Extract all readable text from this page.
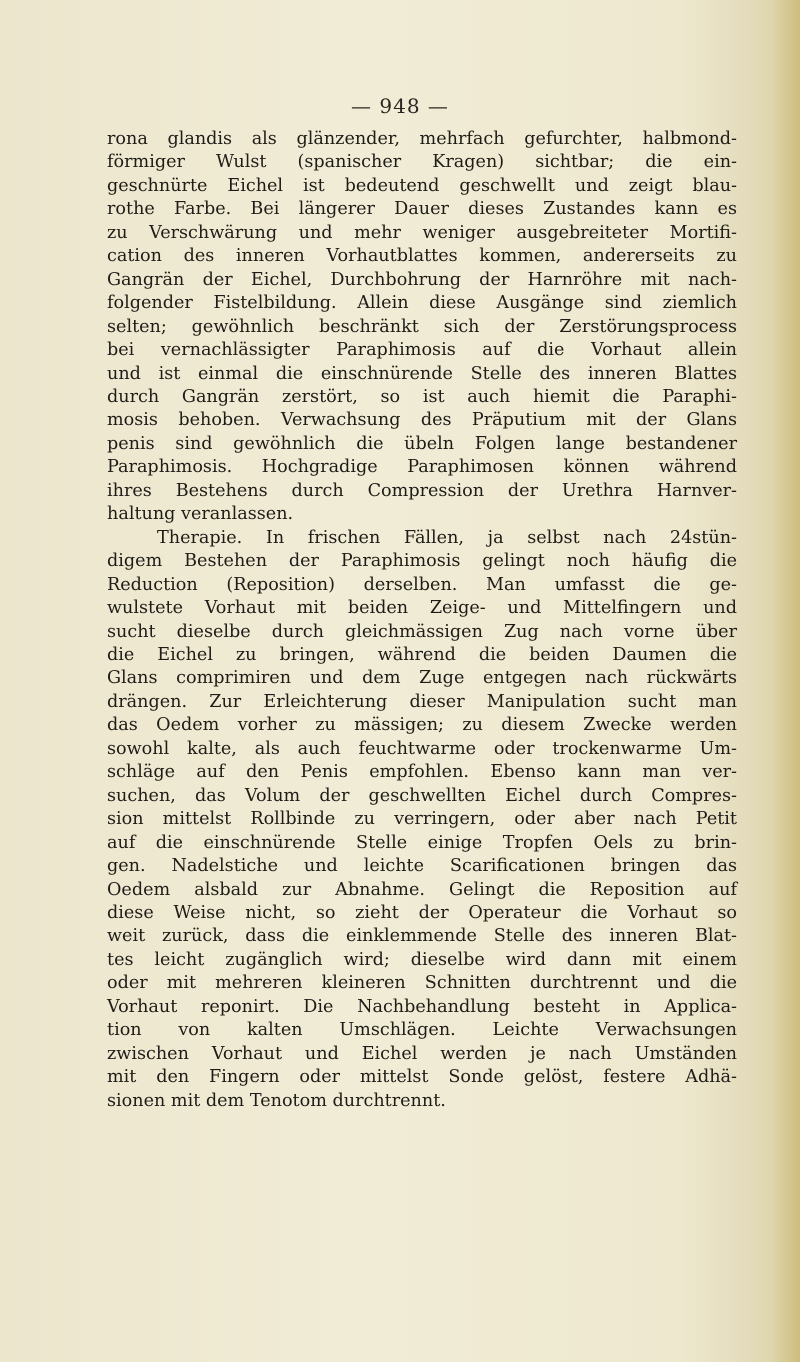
— 948 —
rona glandis als glänzender, mehrfach gefurchter, halbmond-
förmiger Wulst (spanischer Kragen) sichtbar; die ein-
geschnürte Eichel ist bedeutend geschwellt und zeigt blau-
rothe Farbe. Bei längerer Dauer dieses Zustandes kann es
zu Verschwärung und mehr weniger ausgebreiteter Mortifi-
cation des inneren Vorhautblattes kommen, andererseits zu
Gangrän der Eichel, Durchbohrung der Harnröhre mit nach-
folgender Fistelbildung. Allein diese Ausgänge sind ziemlich
selten; gewöhnlich beschränkt sich der Zerstörungsprocess
bei vernachlässigter Paraphimosis auf die Vorhaut allein
und ist einmal die einschnürende Stelle des inneren Blattes
durch Gangrän zerstört, so ist auch hiemit die Paraphi-
mosis behoben. Verwachsung des Präputium mit der Glans
penis sind gewöhnlich die übeln Folgen lange bestandener
Paraphimosis. Hochgradige Paraphimosen können während
ihres Bestehens durch Compression der Urethra Harnver-
haltung veranlassen.
Therapie. In frischen Fällen, ja selbst nach 24stün-
digem Bestehen der Paraphimosis gelingt noch häufig die
Reduction (Reposition) derselben. Man umfasst die ge-
wulstete Vorhaut mit beiden Zeige- und Mittelfingern und
sucht dieselbe durch gleichmässigen Zug nach vorne über
die Eichel zu bringen, während die beiden Daumen die
Glans comprimiren und dem Zuge entgegen nach rückwärts
drängen. Zur Erleichterung dieser Manipulation sucht man
das Oedem vorher zu mässigen; zu diesem Zwecke werden
sowohl kalte, als auch feuchtwarme oder trockenwarme Um-
schläge auf den Penis empfohlen. Ebenso kann man ver-
suchen, das Volum der geschwellten Eichel durch Compres-
sion mittelst Rollbinde zu verringern, oder aber nach Petit
auf die einschnürende Stelle einige Tropfen Oels zu brin-
gen. Nadelstiche und leichte Scarificationen bringen das
Oedem alsbald zur Abnahme. Gelingt die Reposition auf
diese Weise nicht, so zieht der Operateur die Vorhaut so
weit zurück, dass die einklemmende Stelle des inneren Blat-
tes leicht zugänglich wird; dieselbe wird dann mit einem
oder mit mehreren kleineren Schnitten durchtrennt und die
Vorhaut reponirt. Die Nachbehandlung besteht in Applica-
tion von kalten Umschlägen. Leichte Verwachsungen
zwischen Vorhaut und Eichel werden je nach Umständen
mit den Fingern oder mittelst Sonde gelöst, festere Adhä-
sionen mit dem Tenotom durchtrennt.
